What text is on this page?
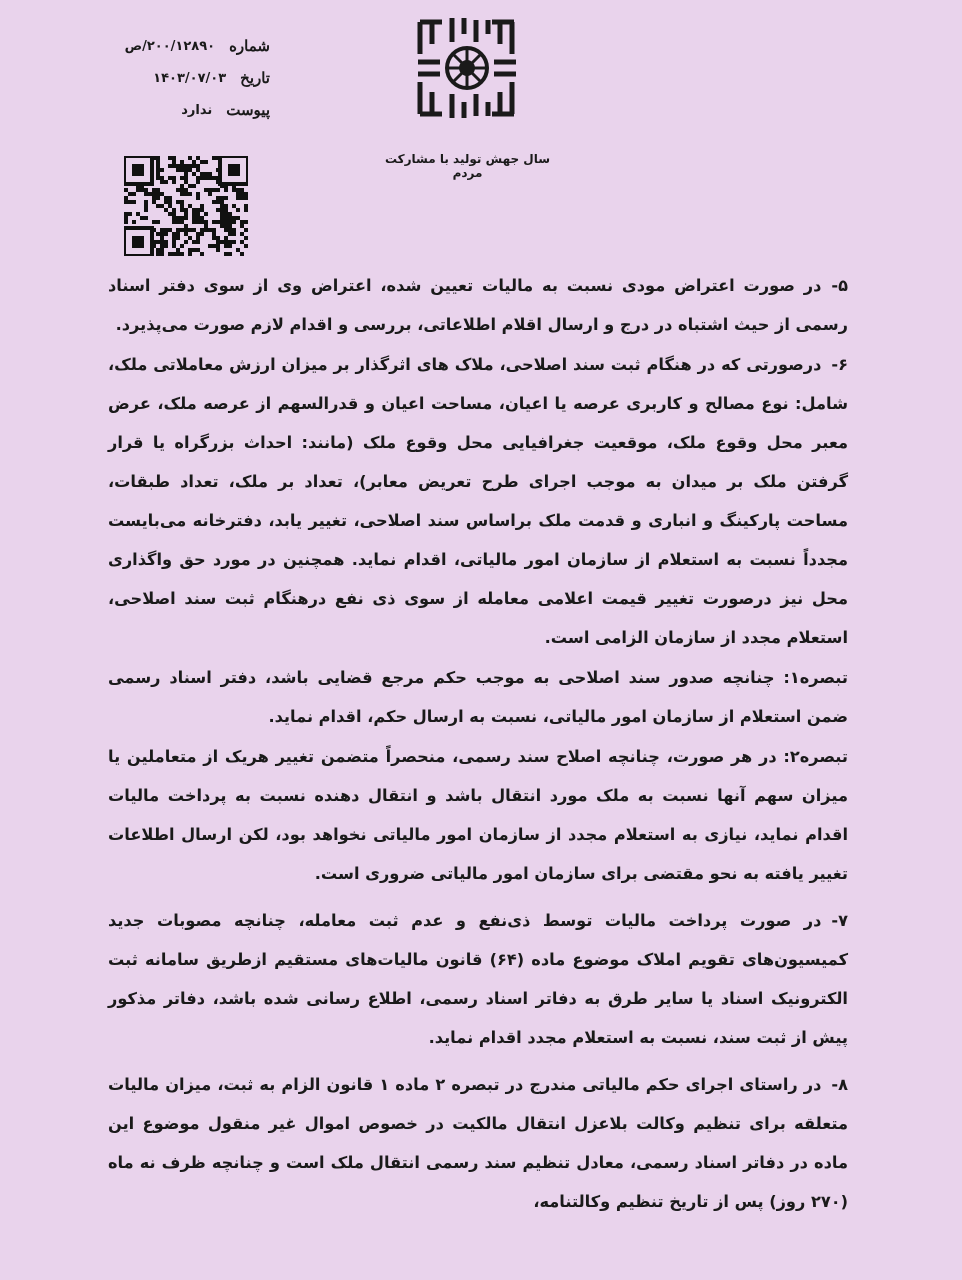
شماره
۲۰۰/۱۲۸۹۰/ص
تاریخ
۱۴۰۳/۰۷/۰۳
پیوست
ندارد
سال جهش تولید با مشارکت مردم

۵-در صورت اعتراض مودی نسبت به مالیات تعیین شده، اعتراض وی از سوی دفتر اسناد رسمی از حیث اشتباه در درج و ارسال اقلام اطلاعاتی، بررسی و اقدام لازم صورت می‌پذیرد.

۶-درصورتی که در هنگام ثبت سند اصلاحی، ملاک های اثرگذار بر میزان ارزش معاملاتی ملک، شامل: نوع مصالح و کاربری عرصه یا اعیان، مساحت اعیان و قدرالسهم از عرصه ملک، عرض معبر محل وقوع ملک، موقعیت جغرافیایی محل وقوع ملک (مانند: احداث بزرگراه یا قرار گرفتن ملک بر میدان به موجب اجرای طرح تعریض معابر)، تعداد بر ملک، تعداد طبقات، مساحت پارکینگ و انباری و قدمت ملک براساس سند اصلاحی، تغییر یابد، دفترخانه می‌بایست مجدداً نسبت به استعلام از سازمان امور مالیاتی، اقدام نماید. همچنین در مورد حق واگذاری محل نیز درصورت تغییر قیمت اعلامی معامله از سوی ذی نفع درهنگام ثبت سند اصلاحی، استعلام مجدد از سازمان الزامی است.

تبصره۱: چنانچه صدور سند اصلاحی به موجب حکم مرجع قضایی باشد، دفتر اسناد رسمی ضمن استعلام از سازمان امور مالیاتی، نسبت به ارسال حکم، اقدام نماید.

تبصره۲: در هر صورت، چنانچه اصلاح سند رسمی، منحصراً متضمن تغییر هریک از متعاملین یا میزان سهم آنها نسبت به ملک مورد انتقال باشد و انتقال دهنده نسبت به پرداخت مالیات اقدام نماید، نیازی به استعلام مجدد از سازمان امور مالیاتی نخواهد بود، لکن ارسال اطلاعات تغییر یافته به نحو مقتضی برای سازمان امور مالیاتی ضروری است.

۷-در صورت پرداخت مالیات توسط ذی‌نفع و عدم ثبت معامله، چنانچه مصوبات جدید کمیسیون‌های تقویم املاک موضوع ماده (۶۴) قانون مالیات‌های مستقیم ازطریق سامانه ثبت الکترونیک اسناد یا سایر طرق به دفاتر اسناد رسمی، اطلاع رسانی شده باشد، دفاتر مذکور پیش از ثبت سند، نسبت به استعلام مجدد اقدام نماید.

۸-در راستای اجرای حکم مالیاتی مندرج در تبصره ۲ ماده ۱ قانون الزام به ثبت، میزان مالیات متعلقه برای تنظیم وکالت بلاعزل انتقال مالکیت در خصوص اموال غیر منقول موضوع این ماده در دفاتر اسناد رسمی، معادل تنظیم سند رسمی انتقال ملک است و چنانچه ظرف نه ماه (۲۷۰ روز) پس از تاریخ تنظیم وکالتنامه،
